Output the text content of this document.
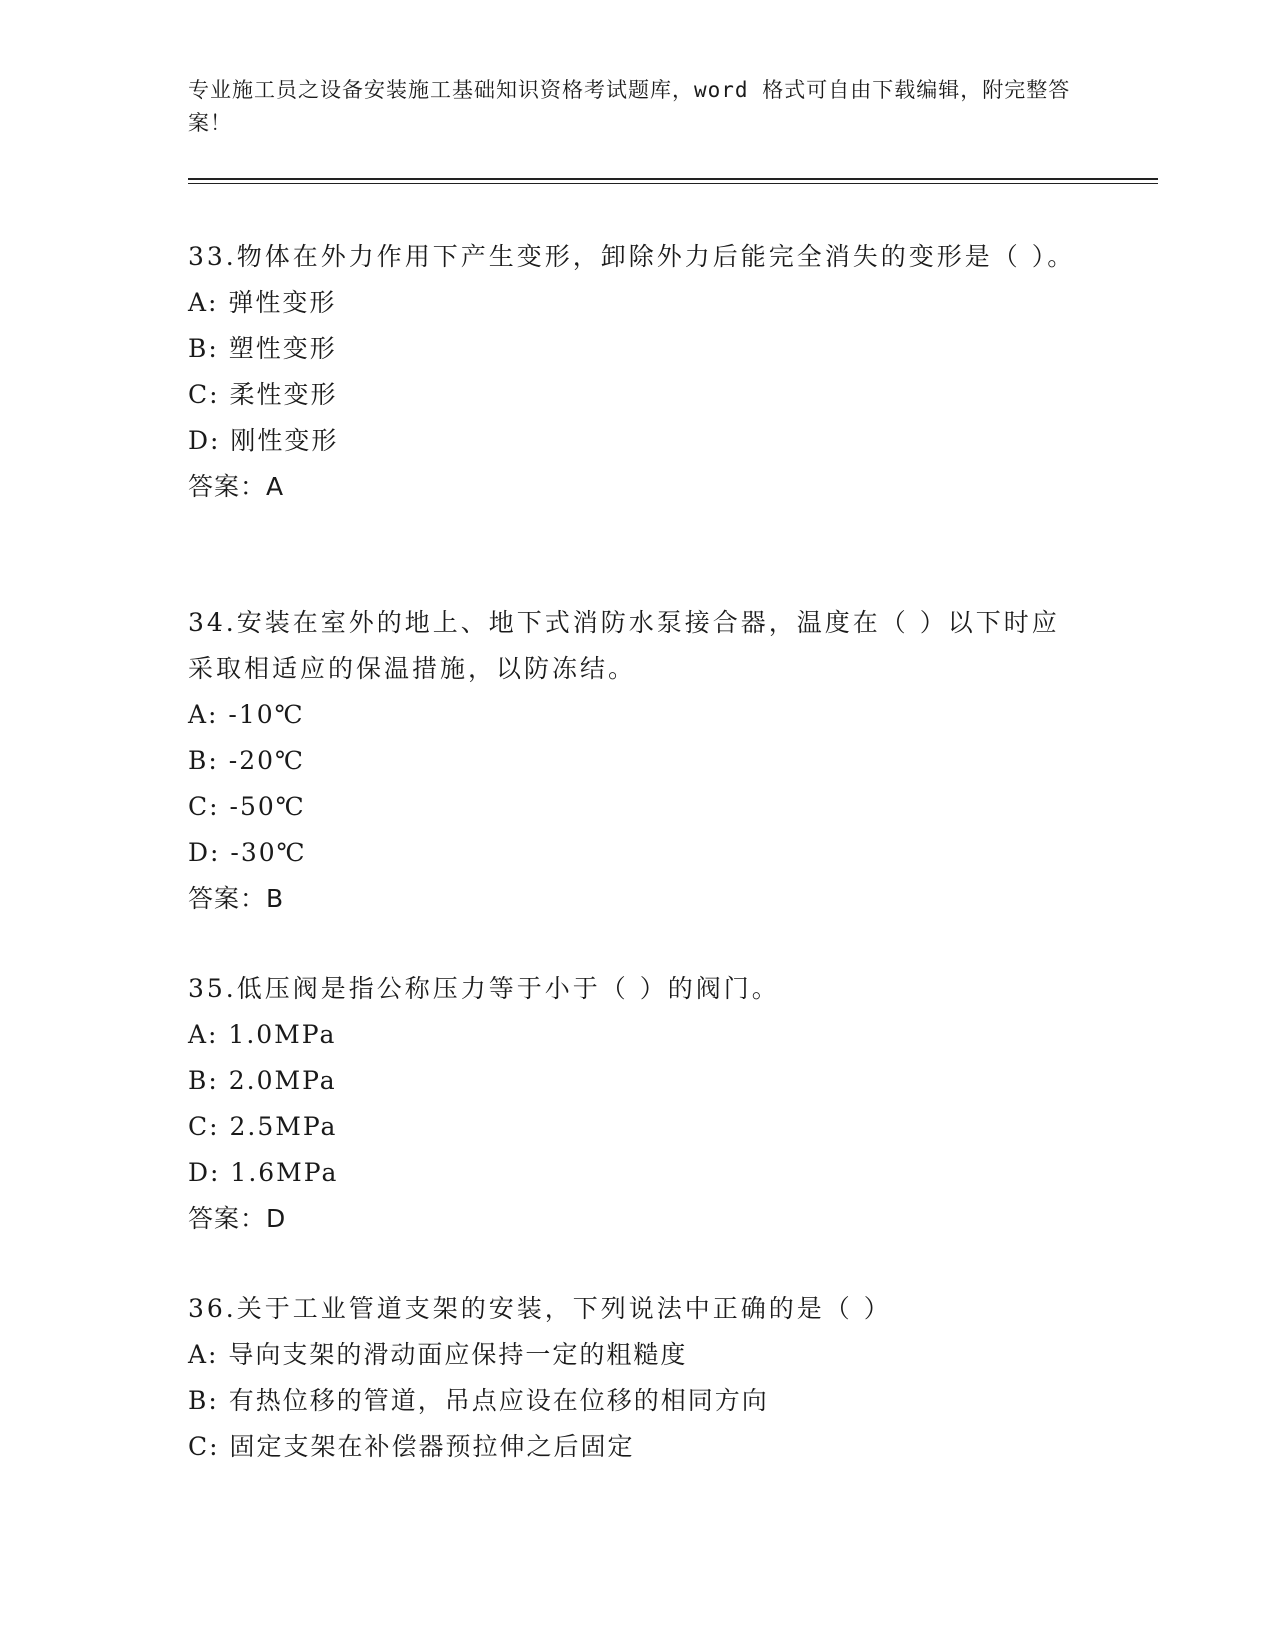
专业施工员之设备安装施工基础知识资格考试题库，word 格式可自由下载编辑，附完整答案！
33.物体在外力作用下产生变形，卸除外力后能完全消失的变形是（ ）。
A: 弹性变形
B: 塑性变形
C: 柔性变形
D: 刚性变形
答案：A
34.安装在室外的地上、地下式消防水泵接合器，温度在（ ）以下时应采取相适应的保温措施，以防冻结。
A: -10℃
B: -20℃
C: -50℃
D: -30℃
答案：B
35.低压阀是指公称压力等于小于（ ）的阀门。
A: 1.0MPa
B: 2.0MPa
C: 2.5MPa
D: 1.6MPa
答案：D
36.关于工业管道支架的安装，下列说法中正确的是（ ）
A: 导向支架的滑动面应保持一定的粗糙度
B: 有热位移的管道，吊点应设在位移的相同方向
C: 固定支架在补偿器预拉伸之后固定
